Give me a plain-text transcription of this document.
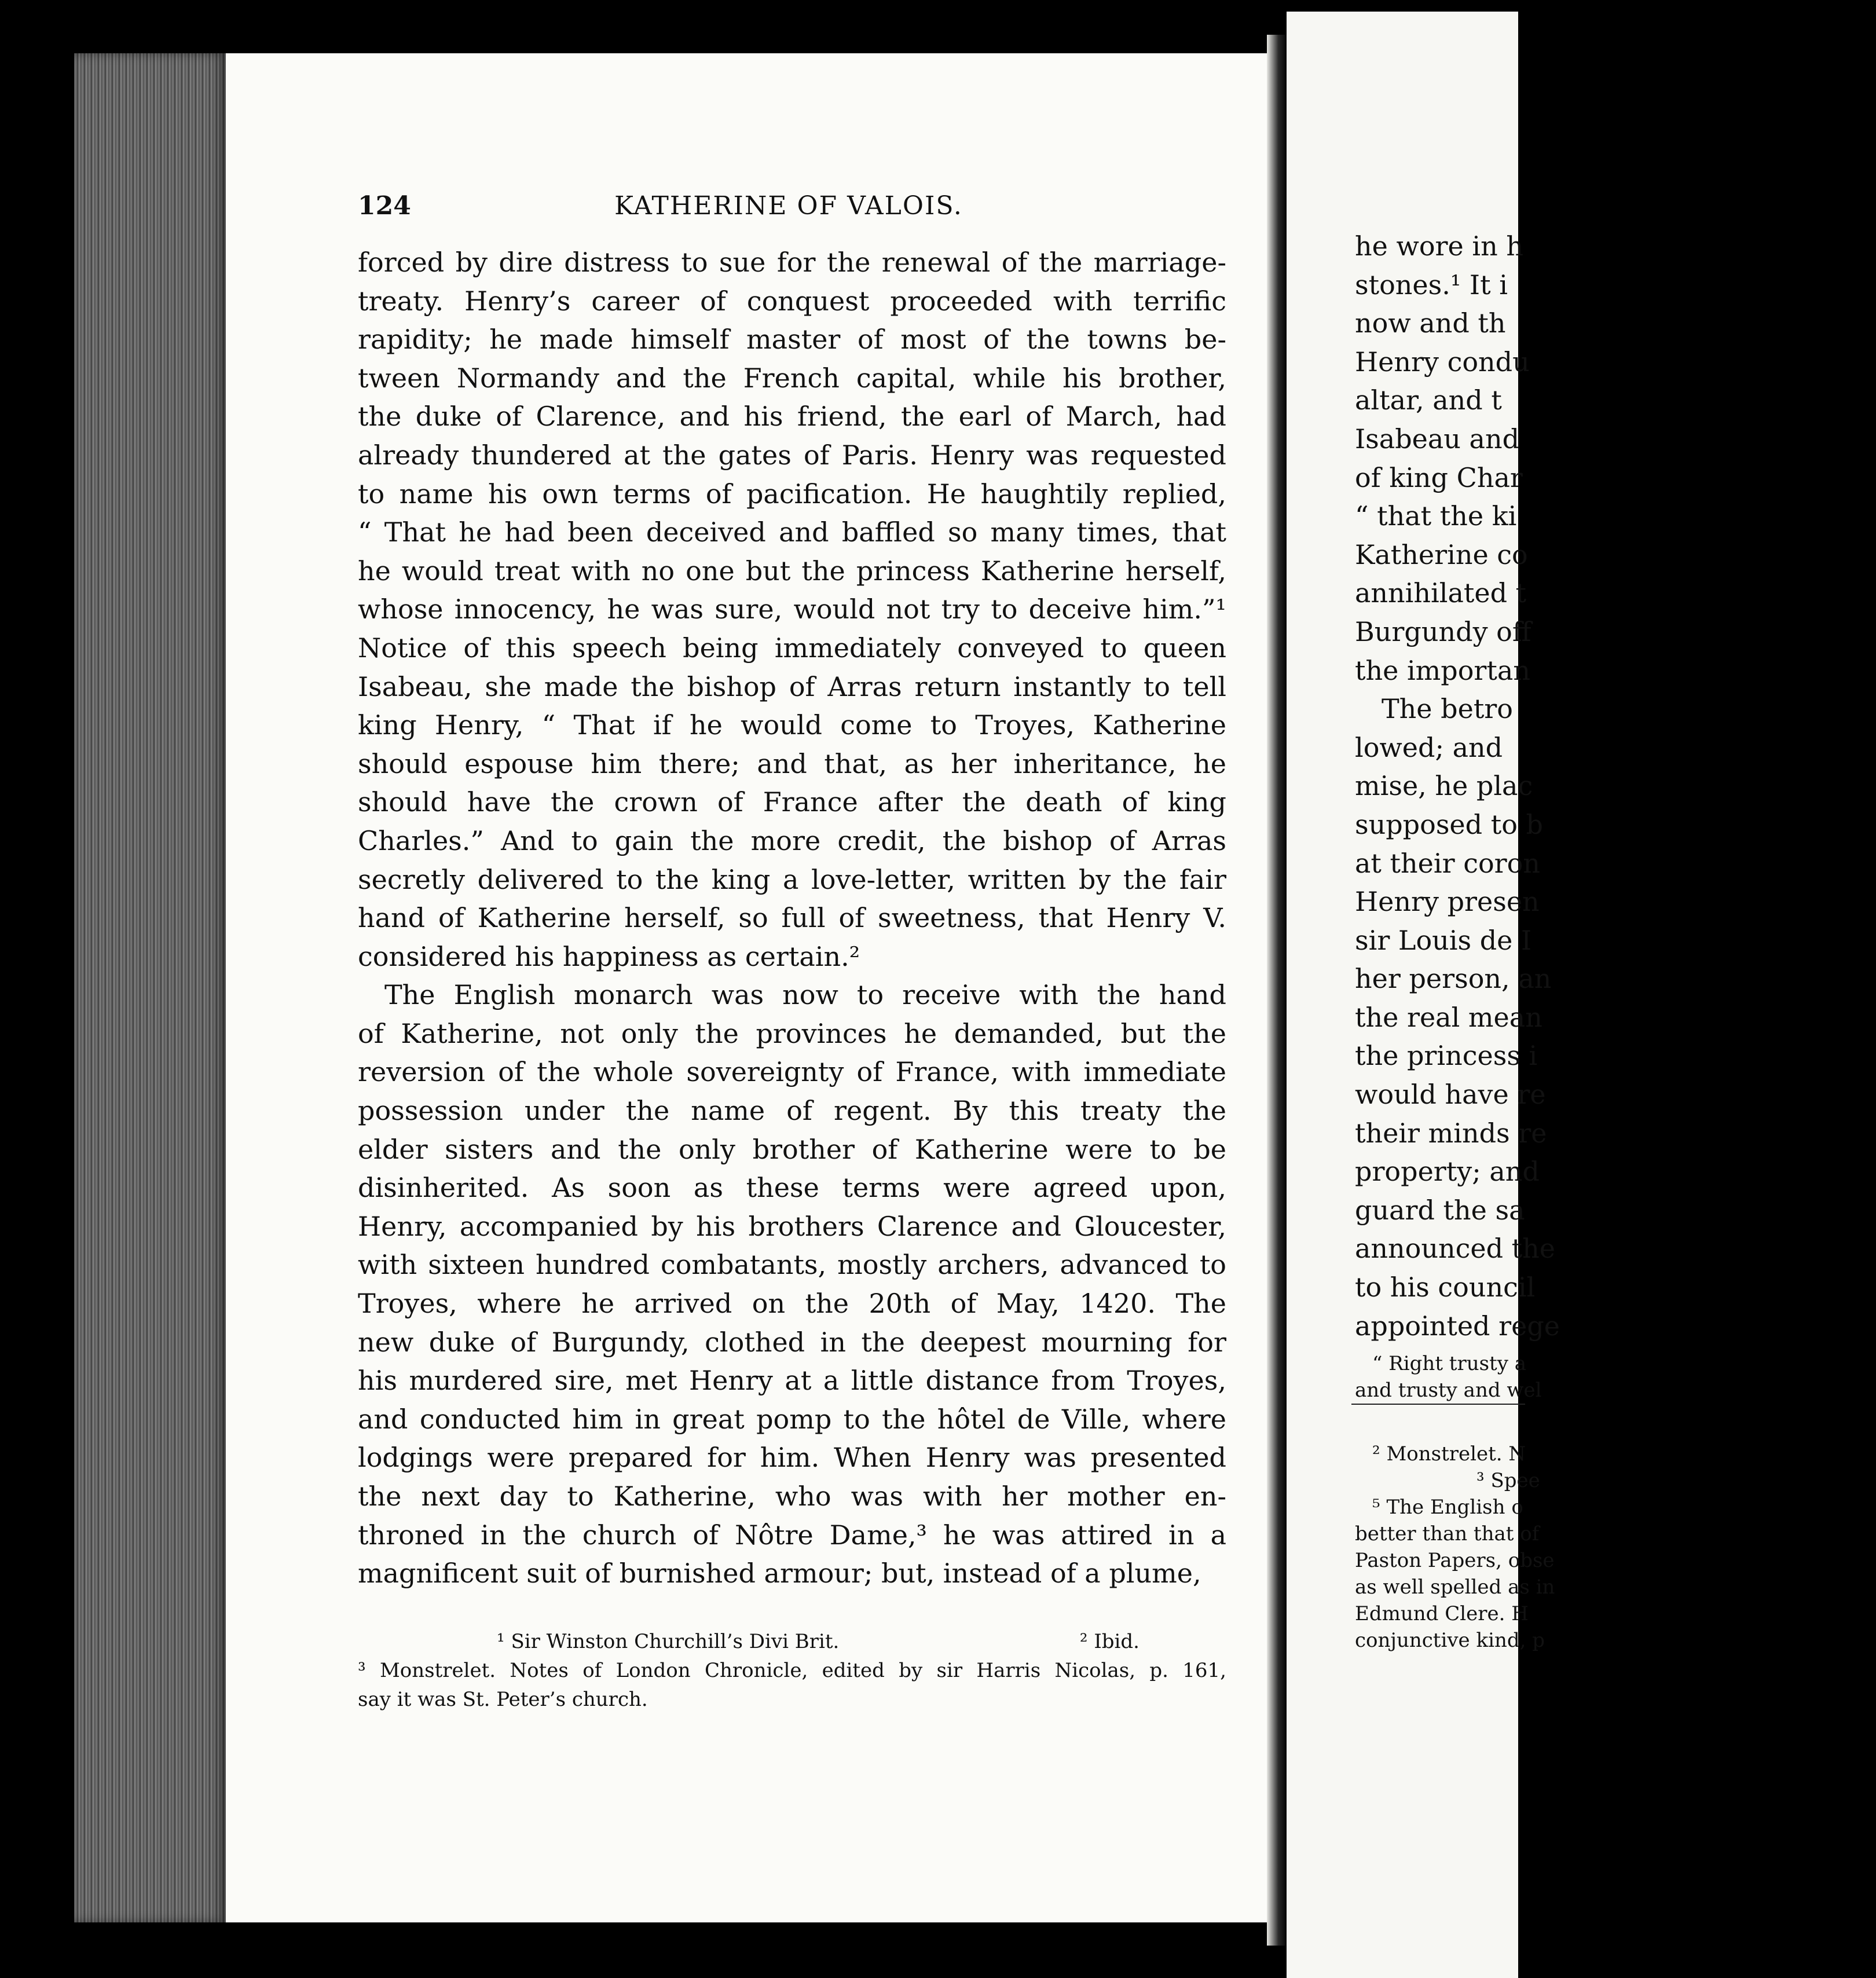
he wore in h
stones.¹ It i
now and th
Henry condu
altar, and t
Isabeau and
of king Char
“ that the ki
Katherine co
annihilated t
Burgundy off
the importan
The betro
lowed; and
mise, he plac
supposed to b
at their coron
Henry presen
sir Louis de I
her person, an
the real mean
the princess i
would have re
their minds re
property; and
guard the sa
announced the
to his council
appointed rege
“ Right trusty a
and trusty and wel
² Monstrelet. N
³ Spee
⁵ The English o
better than that of
Paston Papers, obse
as well spelled as in
Edmund Clere. H
conjunctive kind, p
124	KATHERINE OF VALOIS.
forced by dire distress to sue for the renewal of the marriage-
treaty. Henry’s career of conquest proceeded with terrific
rapidity; he made himself master of most of the towns be-
tween Normandy and the French capital, while his brother,
the duke of Clarence, and his friend, the earl of March, had
already thundered at the gates of Paris. Henry was requested
to name his own terms of pacification. He haughtily replied,
“ That he had been deceived and baffled so many times, that
he would treat with no one but the princess Katherine herself,
whose innocency, he was sure, would not try to deceive him.”¹
Notice of this speech being immediately conveyed to queen
Isabeau, she made the bishop of Arras return instantly to tell
king Henry, “ That if he would come to Troyes, Katherine
should espouse him there; and that, as her inheritance, he
should have the crown of France after the death of king
Charles.” And to gain the more credit, the bishop of Arras
secretly delivered to the king a love-letter, written by the fair
hand of Katherine herself, so full of sweetness, that Henry V.
considered his happiness as certain.²
The English monarch was now to receive with the hand
of Katherine, not only the provinces he demanded, but the
reversion of the whole sovereignty of France, with immediate
possession under the name of regent. By this treaty the
elder sisters and the only brother of Katherine were to be
disinherited. As soon as these terms were agreed upon,
Henry, accompanied by his brothers Clarence and Gloucester,
with sixteen hundred combatants, mostly archers, advanced to
Troyes, where he arrived on the 20th of May, 1420. The
new duke of Burgundy, clothed in the deepest mourning for
his murdered sire, met Henry at a little distance from Troyes,
and conducted him in great pomp to the hôtel de Ville, where
lodgings were prepared for him. When Henry was presented
the next day to Katherine, who was with her mother en-
throned in the church of Nôtre Dame,³ he was attired in a
magnificent suit of burnished armour; but, instead of a plume,
¹ Sir Winston Churchill’s Divi Brit.	² Ibid.
³ Monstrelet. Notes of London Chronicle, edited by sir Harris Nicolas, p. 161,
say it was St. Peter’s church.
